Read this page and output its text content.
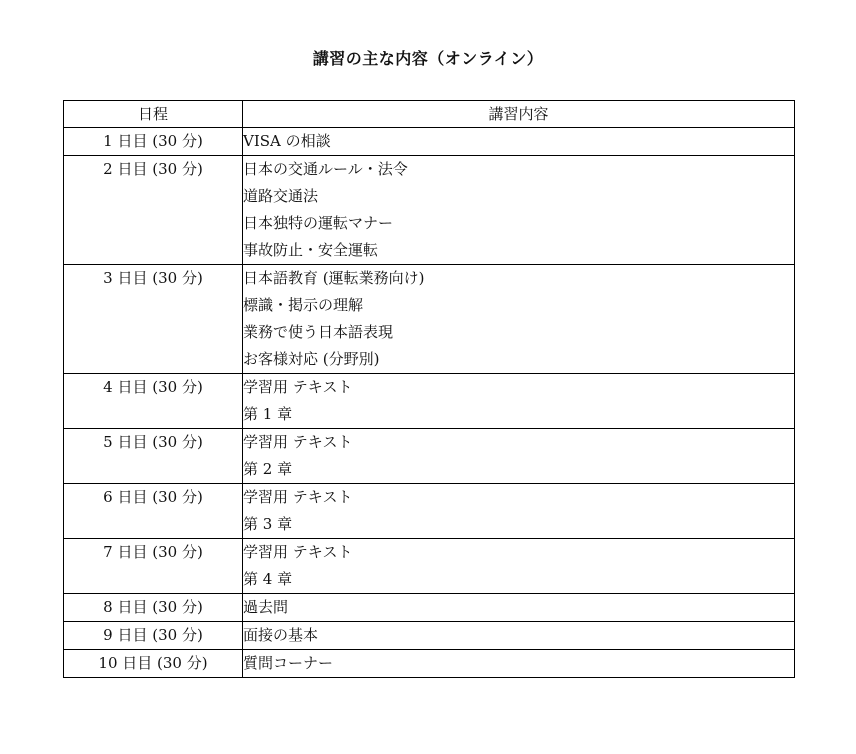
講習の主な内容（オンライン）
日程	講習内容
1 日目 (30 分)	VISA の相談

2 日目 (30 分)	日本の交通ルール・法令
道路交通法
日本独特の運転マナー
事故防止・安全運転

3 日目 (30 分)	日本語教育 (運転業務向け)
標識・掲示の理解
業務で使う日本語表現
お客様対応 (分野別)

4 日目 (30 分)	学習用 テキスト
第 1 章

5 日目 (30 分)	学習用 テキスト
第 2 章

6 日目 (30 分)	学習用 テキスト
第 3 章

7 日目 (30 分)	学習用 テキスト
第 4 章

8 日目 (30 分)	過去問

9 日目 (30 分)	面接の基本

10 日目 (30 分)	質問コーナー
